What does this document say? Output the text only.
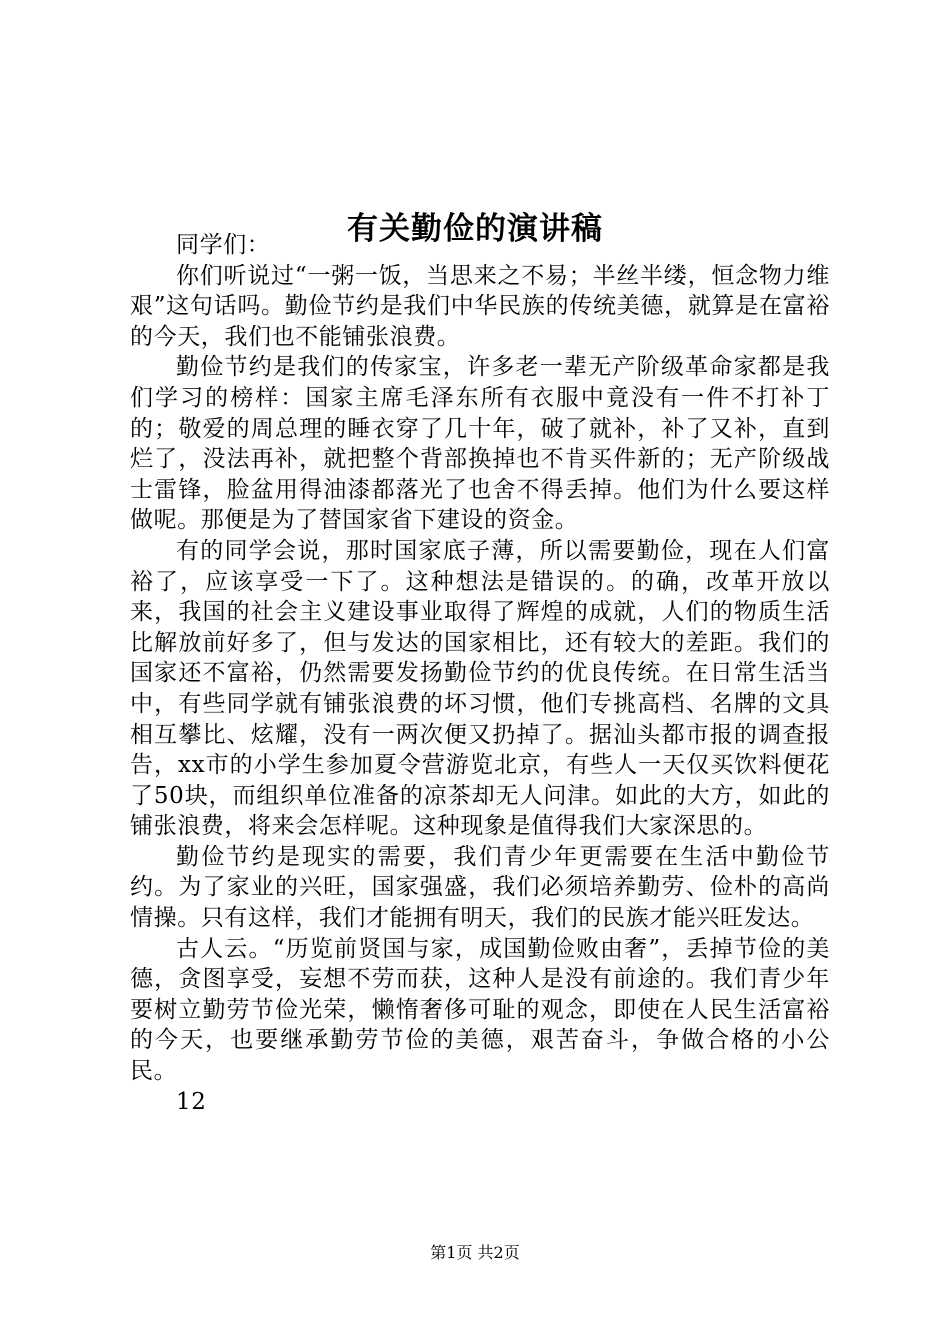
有关勤俭的演讲稿

同学们：

你们听说过“一粥一饭，当思来之不易；半丝半缕，恒念物力维艰”这句话吗。勤俭节约是我们中华民族的传统美德，就算是在富裕的今天，我们也不能铺张浪费。

勤俭节约是我们的传家宝，许多老一辈无产阶级革命家都是我们学习的榜样：国家主席毛泽东所有衣服中竟没有一件不打补丁的；敬爱的周总理的睡衣穿了几十年，破了就补，补了又补，直到烂了，没法再补，就把整个背部换掉也不肯买件新的；无产阶级战士雷锋，脸盆用得油漆都落光了也舍不得丢掉。他们为什么要这样做呢。那便是为了替国家省下建设的资金。

有的同学会说，那时国家底子薄，所以需要勤俭，现在人们富裕了，应该享受一下了。这种想法是错误的。的确，改革开放以来，我国的社会主义建设事业取得了辉煌的成就，人们的物质生活比解放前好多了，但与发达的国家相比，还有较大的差距。我们的国家还不富裕，仍然需要发扬勤俭节约的优良传统。在日常生活当中，有些同学就有铺张浪费的坏习惯，他们专挑高档、名牌的文具相互攀比、炫耀，没有一两次便又扔掉了。据汕头都市报的调查报告，xx市的小学生参加夏令营游览北京，有些人一天仅买饮料便花了50块，而组织单位准备的凉茶却无人问津。如此的大方，如此的铺张浪费，将来会怎样呢。这种现象是值得我们大家深思的。

勤俭节约是现实的需要，我们青少年更需要在生活中勤俭节约。为了家业的兴旺，国家强盛，我们必须培养勤劳、俭朴的高尚情操。只有这样，我们才能拥有明天，我们的民族才能兴旺发达。

古人云。“历览前贤国与家，成国勤俭败由奢”，丢掉节俭的美德，贪图享受，妄想不劳而获，这种人是没有前途的。我们青少年要树立勤劳节俭光荣，懒惰奢侈可耻的观念，即使在人民生活富裕的今天，也要继承勤劳节俭的美德，艰苦奋斗，争做合格的小公民。

12

第1页 共2页
